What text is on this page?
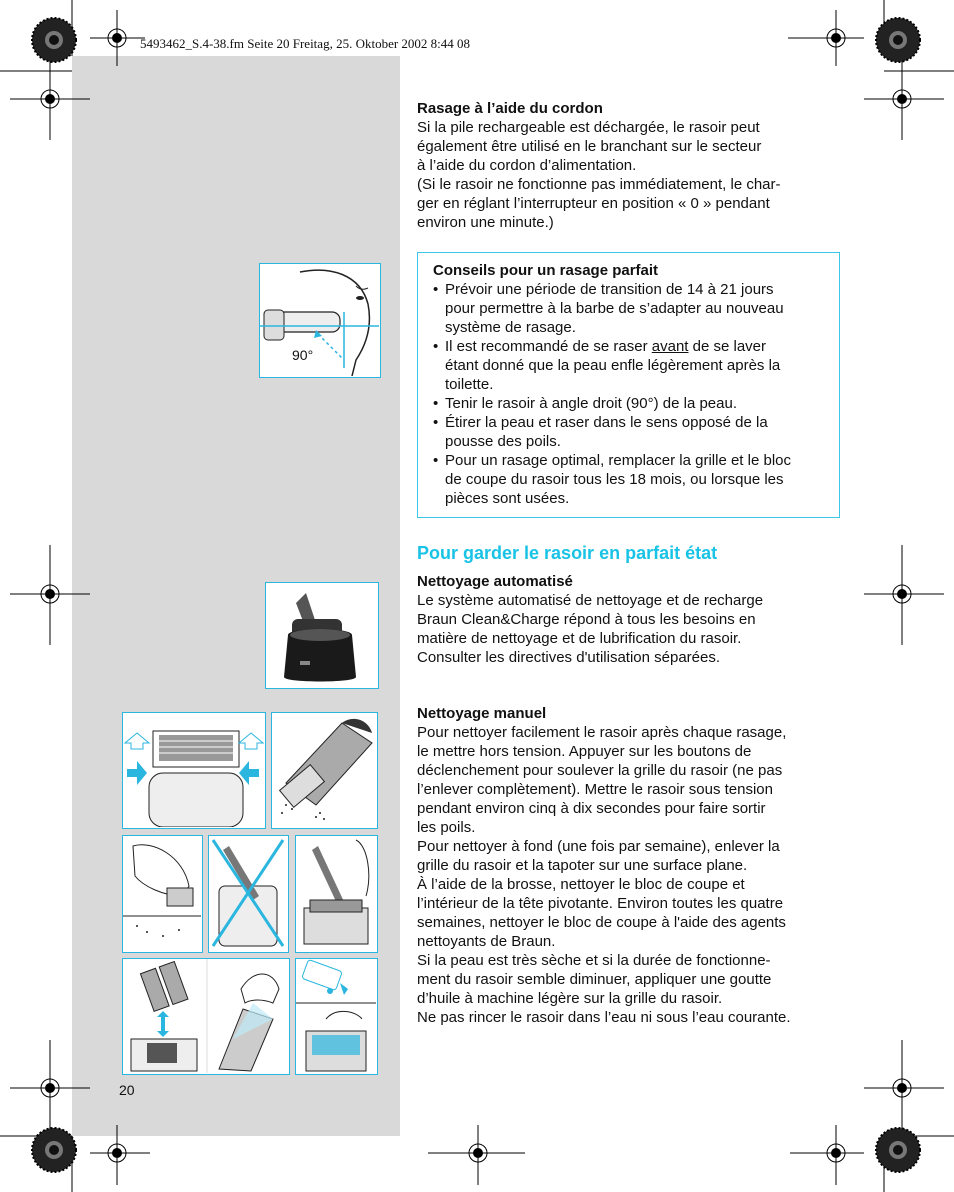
5493462_S.4-38.fm Seite 20 Freitag, 25. Oktober 2002 8:44 08
Rasage à l’aide du cordon
Si la pile rechargeable est déchargée, le rasoir peut
également être utilisé en le branchant sur le secteur
à l’aide du cordon d’alimentation.
(Si le rasoir ne fonctionne pas immédiatement, le char-
ger en réglant l’interrupteur en position « 0 » pendant
environ une minute.)
Conseils pour un rasage parfait
• Prévoir une période de transition de 14 à 21 jours
pour permettre à la barbe de s’adapter au nouveau
système de rasage.
• Il est recommandé de se raser avant de se laver
étant donné que la peau enfle légèrement après la
toilette.
• Tenir le rasoir à angle droit (90°) de la peau.
• Étirer la peau et raser dans le sens opposé de la
pousse des poils.
• Pour un rasage optimal, remplacer la grille et le bloc
de coupe du rasoir tous les 18 mois, ou lorsque les
pièces sont usées.
Pour garder le rasoir en parfait état
Nettoyage automatisé
Le système automatisé de nettoyage et de recharge
Braun Clean&Charge répond à tous les besoins en
matière de nettoyage et de lubrification du rasoir.
Consulter les directives d'utilisation séparées.
Nettoyage manuel
Pour nettoyer facilement le rasoir après chaque rasage,
le mettre hors tension. Appuyer sur les boutons de
déclenchement pour soulever la grille du rasoir (ne pas
l’enlever complètement). Mettre le rasoir sous tension
pendant environ cinq à dix secondes pour faire sortir
les poils.
Pour nettoyer à fond (une fois par semaine), enlever la
grille du rasoir et la tapoter sur une surface plane.
À l’aide de la brosse, nettoyer le bloc de coupe et
l’intérieur de la tête pivotante. Environ toutes les quatre
semaines, nettoyer le bloc de coupe à l'aide des agents
nettoyants de Braun.
Si la peau est très sèche et si la durée de fonctionne-
ment du rasoir semble diminuer, appliquer une goutte
d’huile à machine légère sur la grille du rasoir.
Ne pas rincer le rasoir dans l’eau ni sous l’eau courante.
90°
20
